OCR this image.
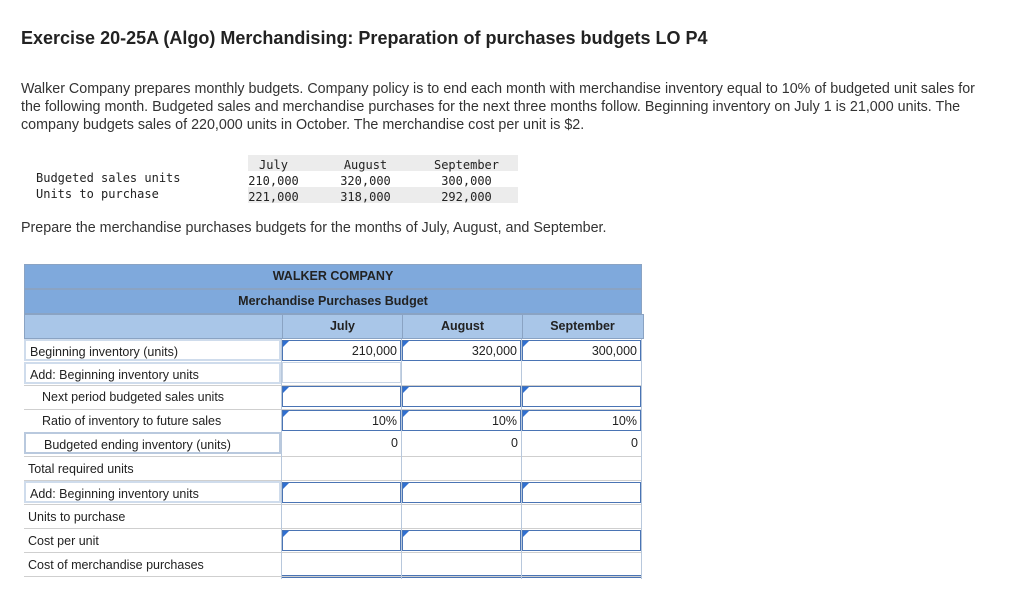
Exercise 20-25A (Algo) Merchandising: Preparation of purchases budgets LO P4
Walker Company prepares monthly budgets. Company policy is to end each month with merchandise inventory equal to 10% of budgeted unit sales for the following month. Budgeted sales and merchandise purchases for the next three months follow. Beginning inventory on July 1 is 21,000 units. The company budgets sales of 220,000 units in October. The merchandise cost per unit is $2.
July	August	September
Budgeted sales units	210,000	320,000	300,000
Units to purchase	221,000	318,000	292,000
Prepare the merchandise purchases budgets for the months of July, August, and September.
WALKER COMPANY
Merchandise Purchases Budget
July	August	September
Beginning inventory (units)	210,000	320,000	300,000
Add: Beginning inventory units
Next period budgeted sales units
Ratio of inventory to future sales	10%	10%	10%
Budgeted ending inventory (units)	0	0	0
Total required units
Add: Beginning inventory units
Units to purchase
Cost per unit
Cost of merchandise purchases
